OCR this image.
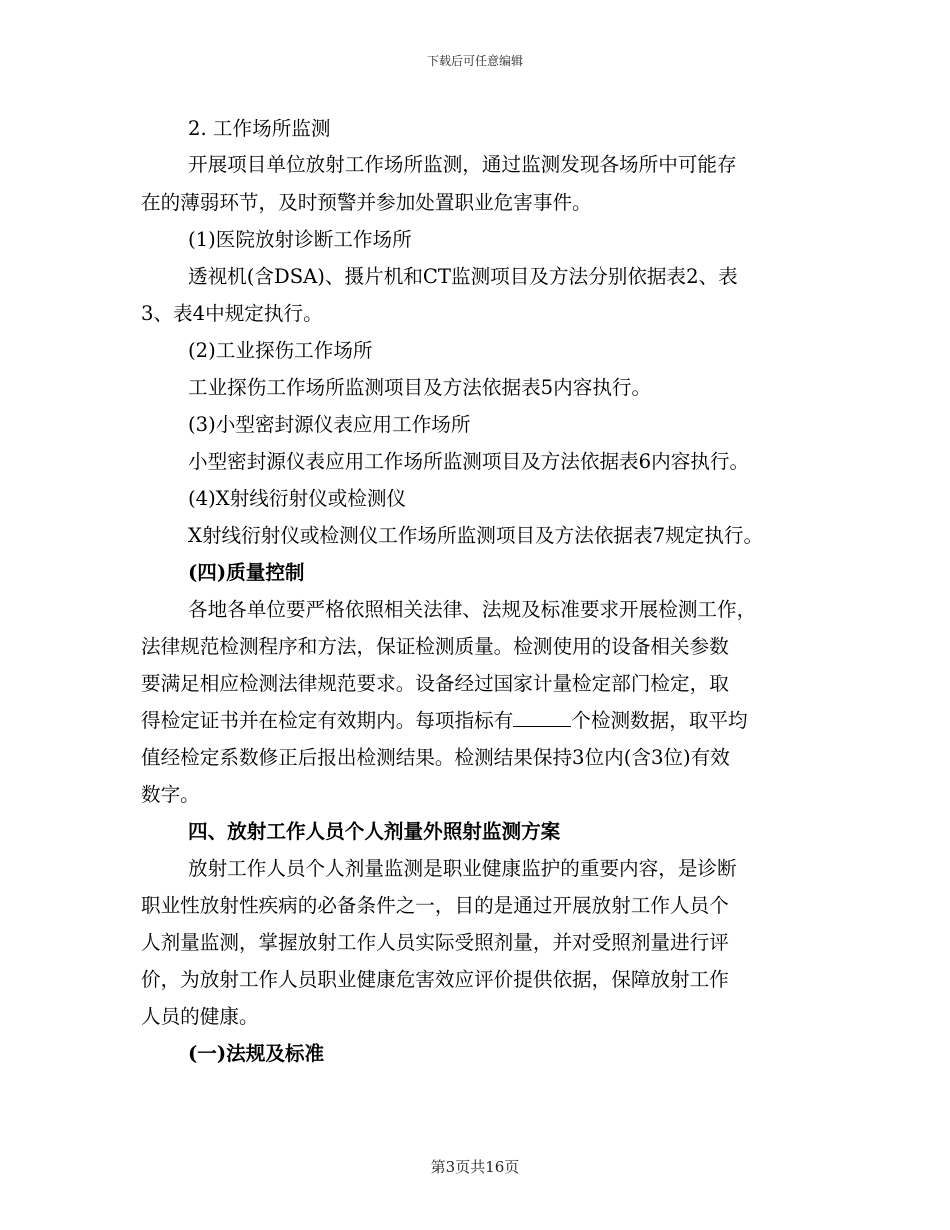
下载后可任意编辑
2. 工作场所监测
开展项目单位放射工作场所监测，通过监测发现各场所中可能存
在的薄弱环节，及时预警并参加处置职业危害事件。
(1)医院放射诊断工作场所
透视机(含DSA)、摄片机和CT监测项目及方法分别依据表2、表
3、表4中规定执行。
(2)工业探伤工作场所
工业探伤工作场所监测项目及方法依据表5内容执行。
(3)小型密封源仪表应用工作场所
小型密封源仪表应用工作场所监测项目及方法依据表6内容执行。
(4)X射线衍射仪或检测仪
X射线衍射仪或检测仪工作场所监测项目及方法依据表7规定执行。
(四)质量控制
各地各单位要严格依照相关法律、法规及标准要求开展检测工作，
法律规范检测程序和方法，保证检测质量。检测使用的设备相关参数
要满足相应检测法律规范要求。设备经过国家计量检定部门检定，取
得检定证书并在检定有效期内。每项指标有	个检测数据，取平均
值经检定系数修正后报出检测结果。检测结果保持3位内(含3位)有效
数字。
四、放射工作人员个人剂量外照射监测方案
放射工作人员个人剂量监测是职业健康监护的重要内容，是诊断
职业性放射性疾病的必备条件之一，目的是通过开展放射工作人员个
人剂量监测，掌握放射工作人员实际受照剂量，并对受照剂量进行评
价，为放射工作人员职业健康危害效应评价提供依据，保障放射工作
人员的健康。
(一)法规及标准
第3页共16页
